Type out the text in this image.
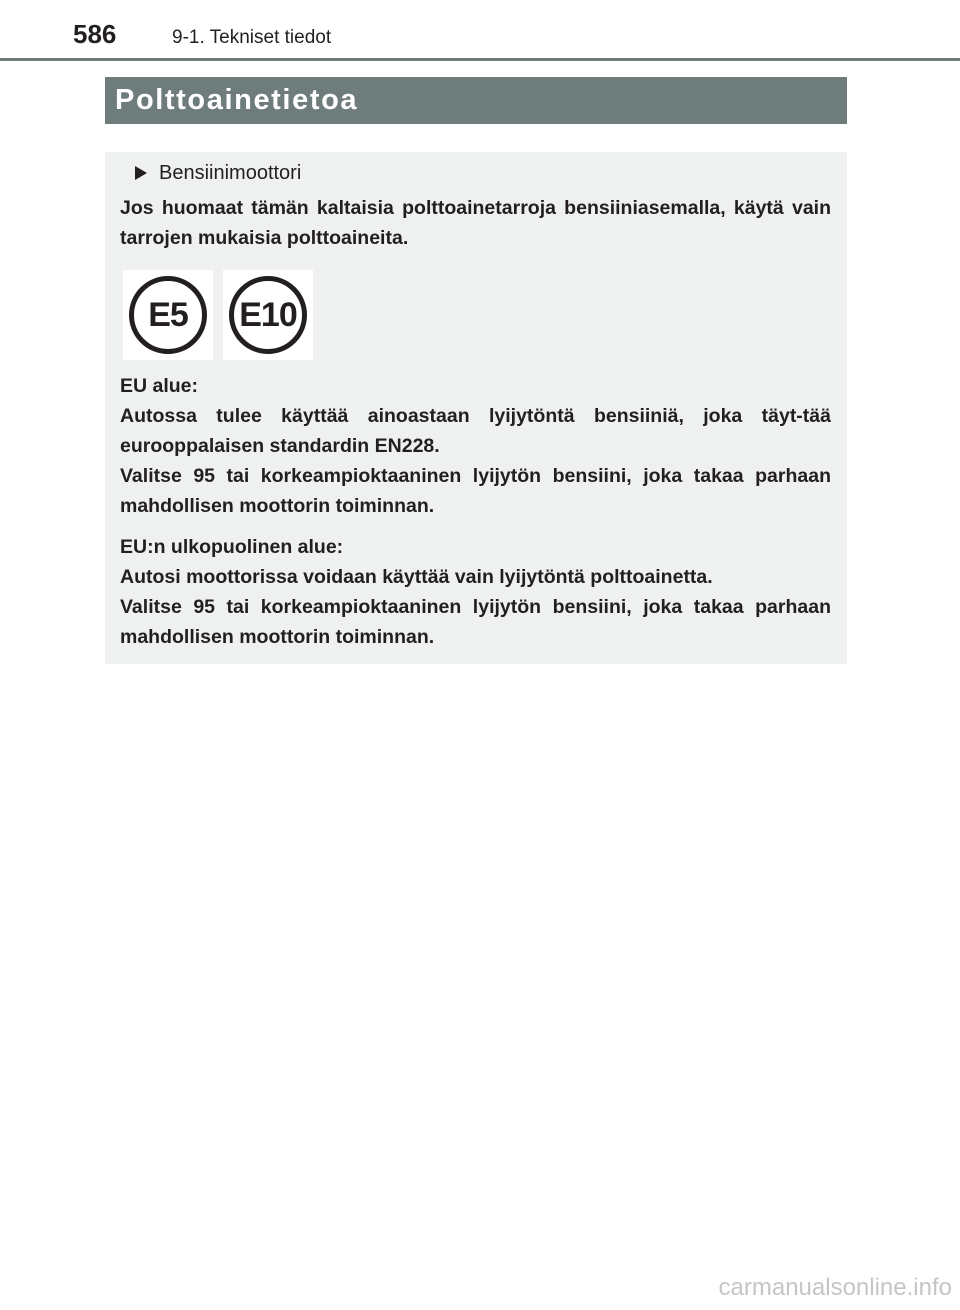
586	9-1. Tekniset tiedot
Polttoainetietoa
Bensiinimoottori

Jos huomaat tämän kaltaisia polttoainetarroja bensiiniasemalla, käytä vain tarrojen mukaisia polttoaineita.

E5	E10
EU alue:
Autossa tulee käyttää ainoastaan lyijytöntä bensiiniä, joka täyt-tää eurooppalaisen standardin EN228.
Valitse 95 tai korkeampioktaaninen lyijytön bensiini, joka takaa parhaan mahdollisen moottorin toiminnan.
EU:n ulkopuolinen alue:
Autosi moottorissa voidaan käyttää vain lyijytöntä polttoainetta.
Valitse 95 tai korkeampioktaaninen lyijytön bensiini, joka takaa parhaan mahdollisen moottorin toiminnan.
carmanualsonline.info
